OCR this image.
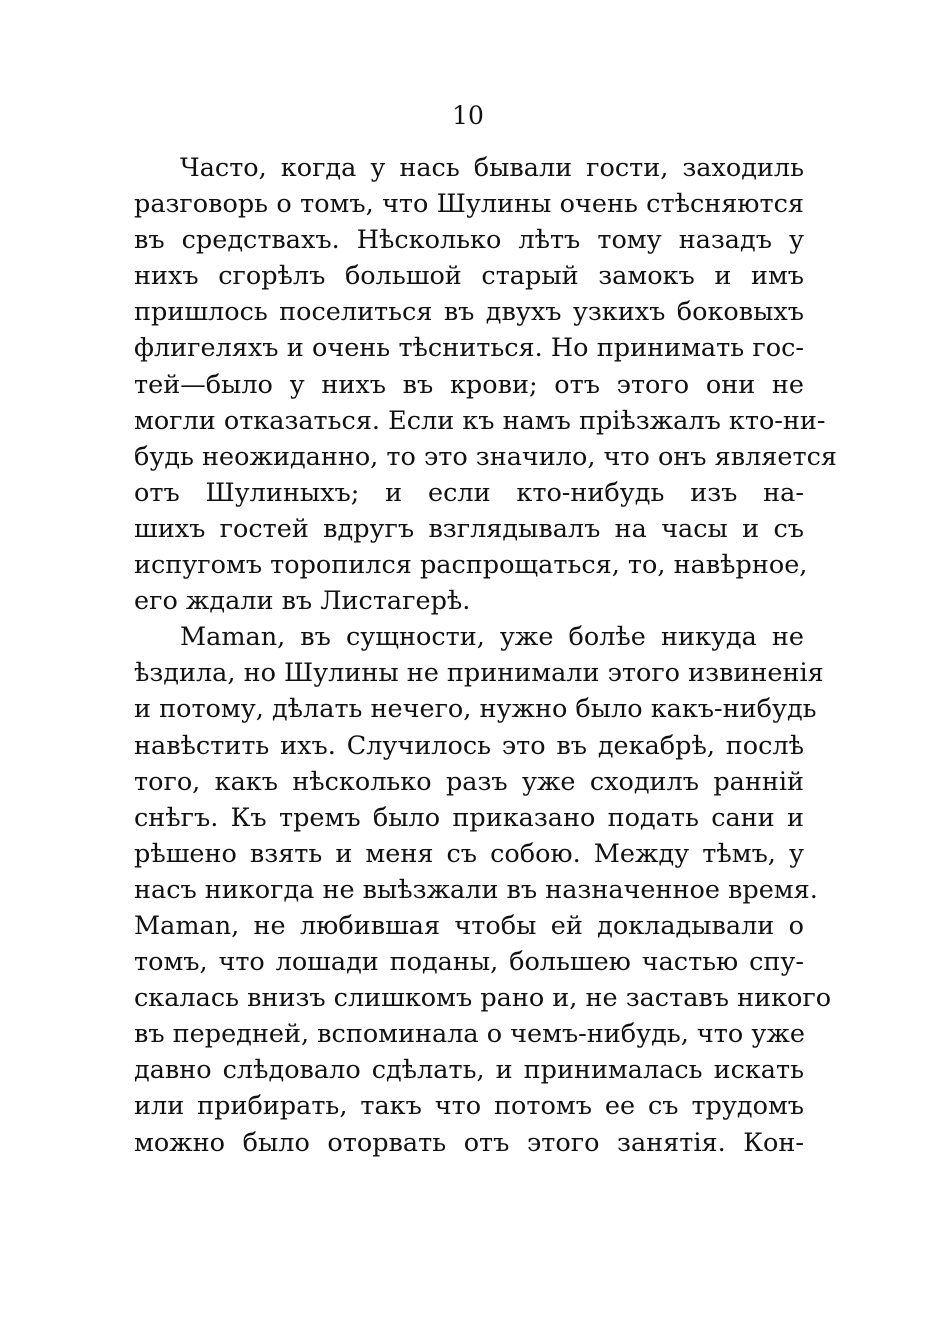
10
Часто, когда у нась бывали гости, заходиль
разговорь о томъ, что Шулины очень стѣсняются
въ средствахъ. Нѣсколько лѣтъ тому назадъ у
нихъ сгорѣлъ большой старый замокъ и имъ
пришлось поселиться въ двухъ узкихъ боковыхъ
флигеляхъ и очень тѣсниться. Но принимать гос-
тей—было у нихъ въ крови; отъ этого они не
могли отказаться. Если къ намъ пріѣзжалъ кто-ни-
будь неожиданно, то это значило, что онъ является
отъ Шулиныхъ; и если кто-нибудь изъ на-
шихъ гостей вдругъ взглядывалъ на часы и съ
испугомъ торопился распрощаться, то, навѣрное,
его ждали въ Листагерѣ.
Maman, въ сущности, уже болѣе никуда не
ѣздила, но Шулины не принимали этого извиненія
и потому, дѣлать нечего, нужно было какъ-нибудь
навѣстить ихъ. Случилось это въ декабрѣ, послѣ
того, какъ нѣсколько разъ уже сходилъ ранній
снѣгъ. Къ тремъ было приказано подать сани и
рѣшено взять и меня съ собою. Между тѣмъ, у
насъ никогда не выѣзжали въ назначенное время.
Maman, не любившая чтобы ей докладывали о
томъ, что лошади поданы, большею частью спу-
скалась внизъ слишкомъ рано и, не заставъ никого
въ передней, вспоминала о чемъ-нибудь, что уже
давно слѣдовало сдѣлать, и принималась искать
или прибирать, такъ что потомъ ее съ трудомъ
можно было оторвать отъ этого занятія. Кон-
